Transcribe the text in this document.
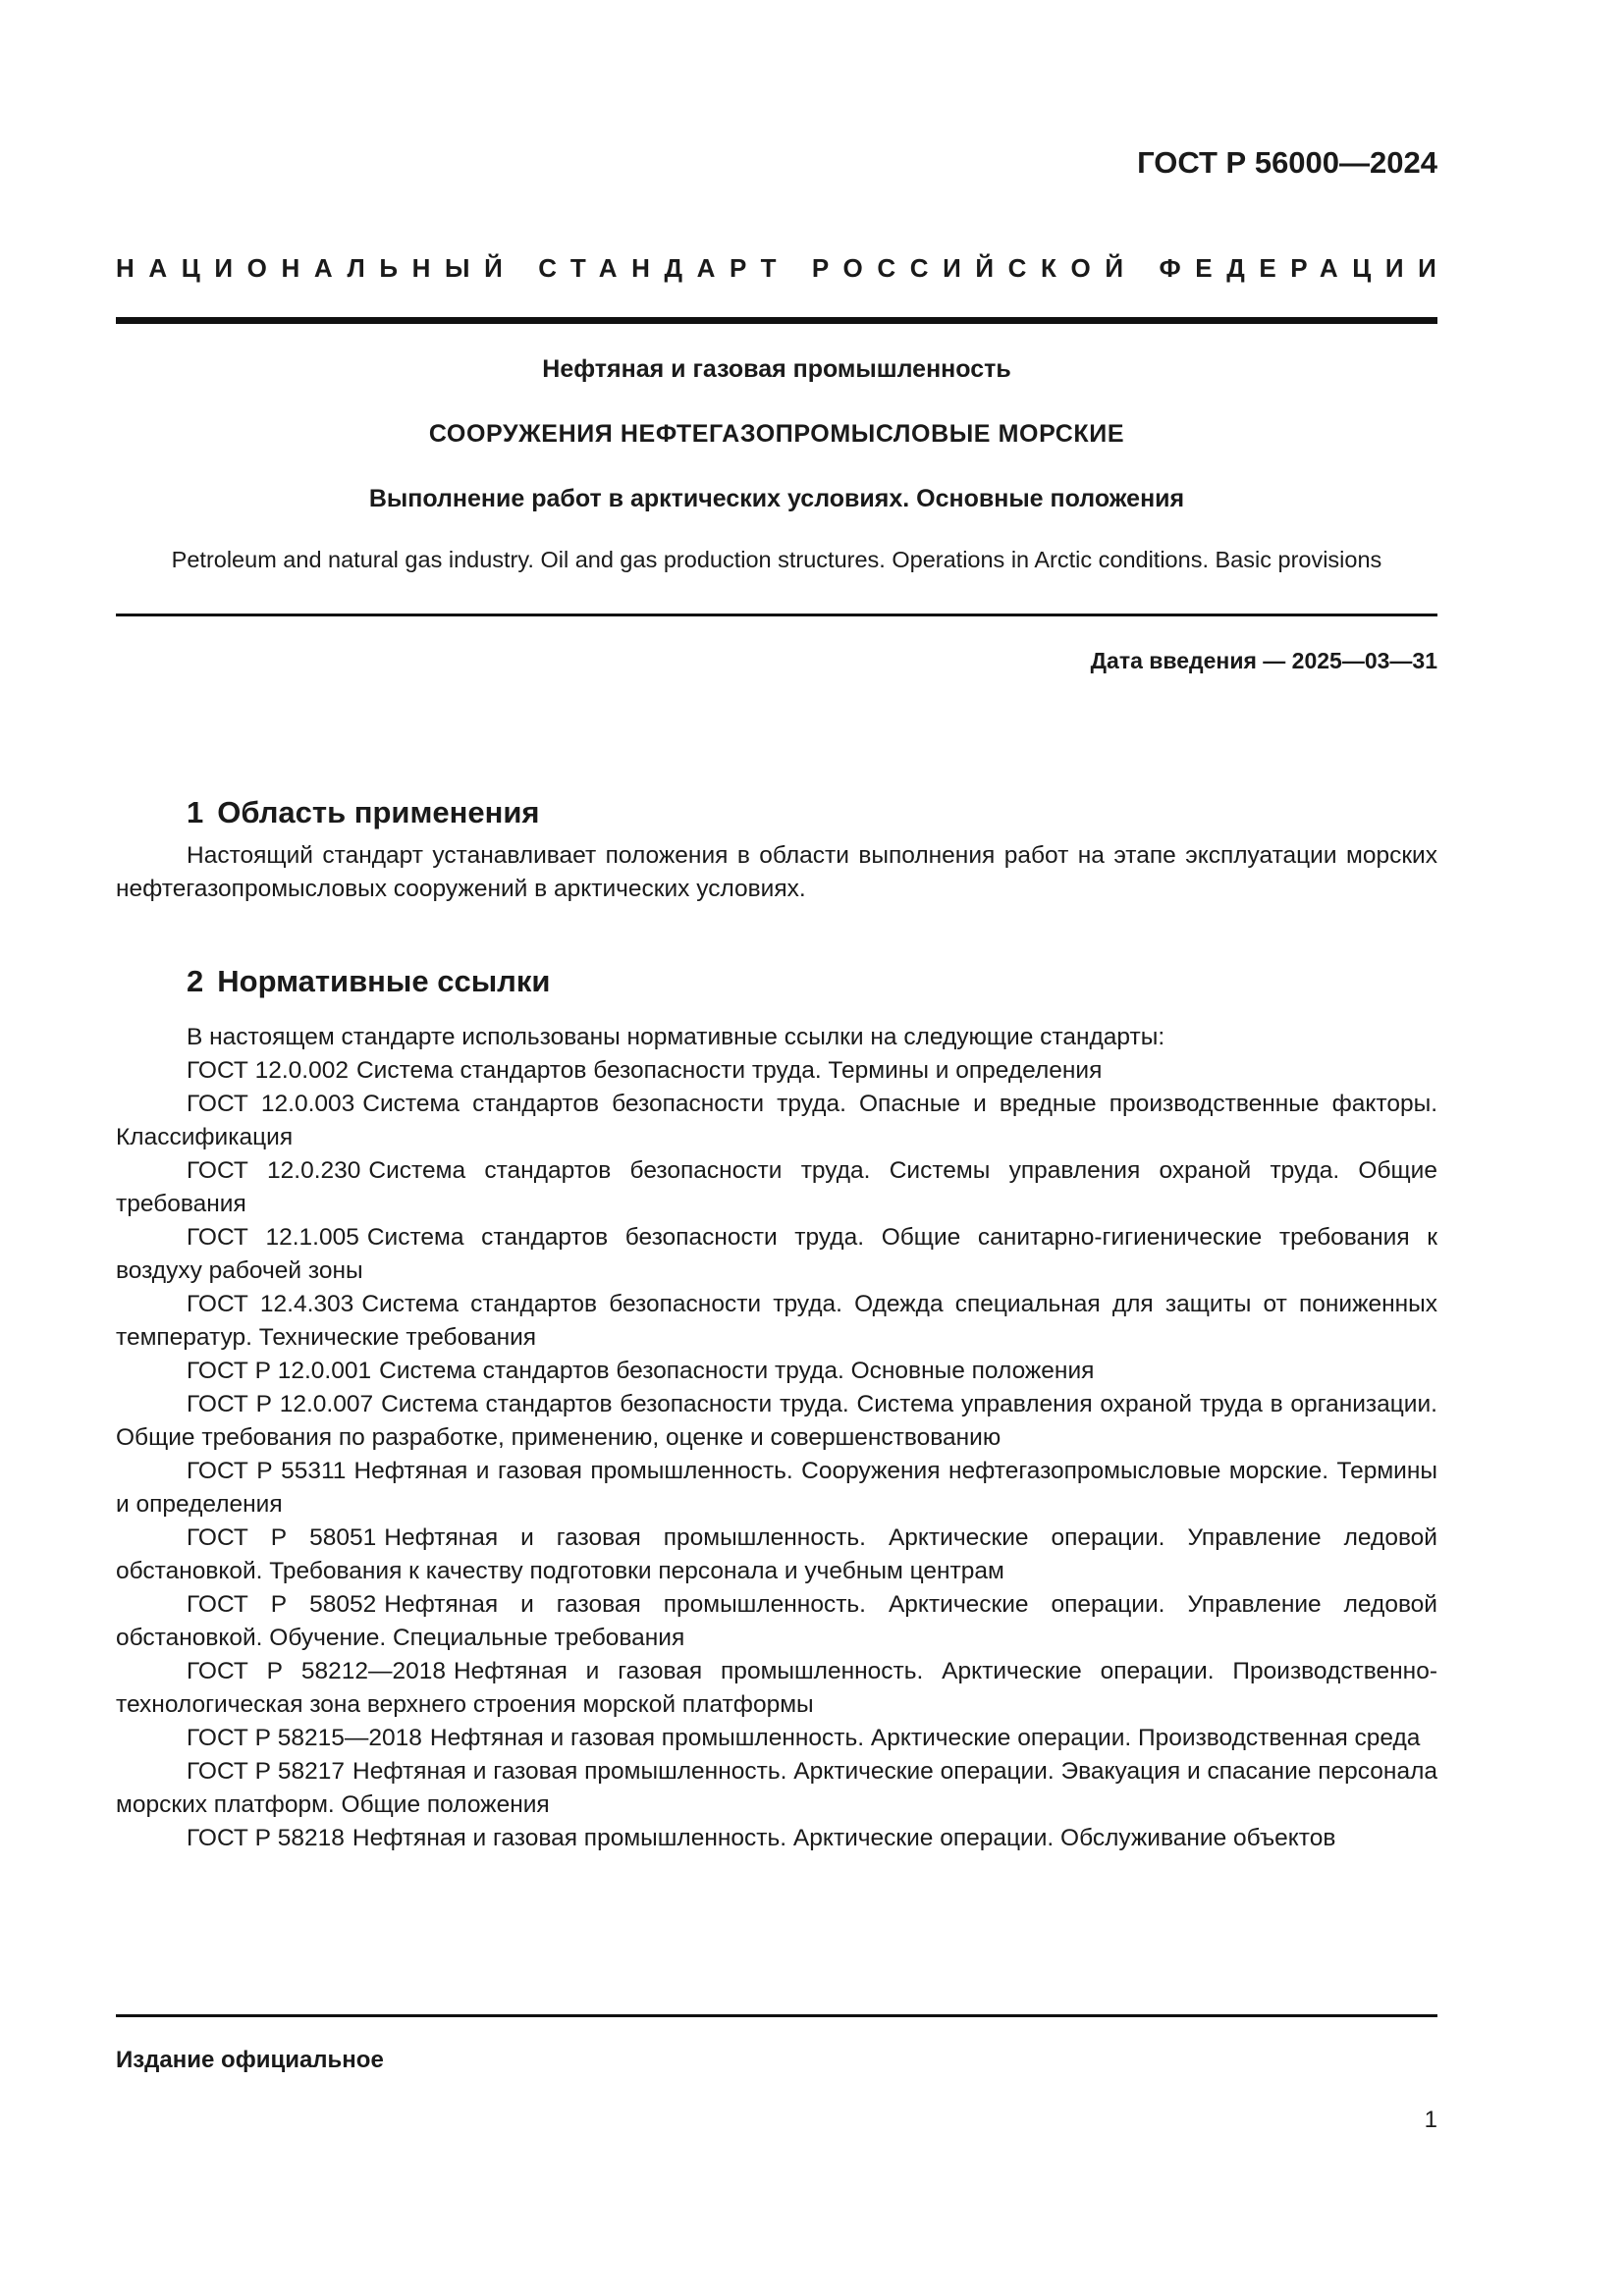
ГОСТ Р 56000—2024
НАЦИОНАЛЬНЫЙ СТАНДАРТ РОССИЙСКОЙ ФЕДЕРАЦИИ
Нефтяная и газовая промышленность
СООРУЖЕНИЯ НЕФТЕГАЗОПРОМЫСЛОВЫЕ МОРСКИЕ
Выполнение работ в арктических условиях. Основные положения
Petroleum and natural gas industry. Oil and gas production structures. Operations in Arctic conditions. Basic provisions
Дата введения — 2025—03—31
1 Область применения

Настоящий стандарт устанавливает положения в области выполнения работ на этапе эксплуатации морских нефтегазопромысловых сооружений в арктических условиях.

2 Нормативные ссылки

В настоящем стандарте использованы нормативные ссылки на следующие стандарты:

ГОСТ 12.0.002 Система стандартов безопасности труда. Термины и определения

ГОСТ 12.0.003 Система стандартов безопасности труда. Опасные и вредные производственные факторы. Классификация

ГОСТ 12.0.230 Система стандартов безопасности труда. Системы управления охраной труда. Общие требования

ГОСТ 12.1.005 Система стандартов безопасности труда. Общие санитарно-гигиенические требования к воздуху рабочей зоны

ГОСТ 12.4.303 Система стандартов безопасности труда. Одежда специальная для защиты от пониженных температур. Технические требования

ГОСТ Р 12.0.001 Система стандартов безопасности труда. Основные положения

ГОСТ Р 12.0.007 Система стандартов безопасности труда. Система управления охраной труда в организации. Общие требования по разработке, применению, оценке и совершенствованию

ГОСТ Р 55311 Нефтяная и газовая промышленность. Сооружения нефтегазопромысловые морские. Термины и определения

ГОСТ Р 58051 Нефтяная и газовая промышленность. Арктические операции. Управление ледовой обстановкой. Требования к качеству подготовки персонала и учебным центрам

ГОСТ Р 58052 Нефтяная и газовая промышленность. Арктические операции. Управление ледовой обстановкой. Обучение. Специальные требования

ГОСТ Р 58212—2018 Нефтяная и газовая промышленность. Арктические операции. Производственно-технологическая зона верхнего строения морской платформы

ГОСТ Р 58215—2018 Нефтяная и газовая промышленность. Арктические операции. Производственная среда

ГОСТ Р 58217 Нефтяная и газовая промышленность. Арктические операции. Эвакуация и спасание персонала морских платформ. Общие положения

ГОСТ Р 58218 Нефтяная и газовая промышленность. Арктические операции. Обслуживание объектов

Издание официальное
1
